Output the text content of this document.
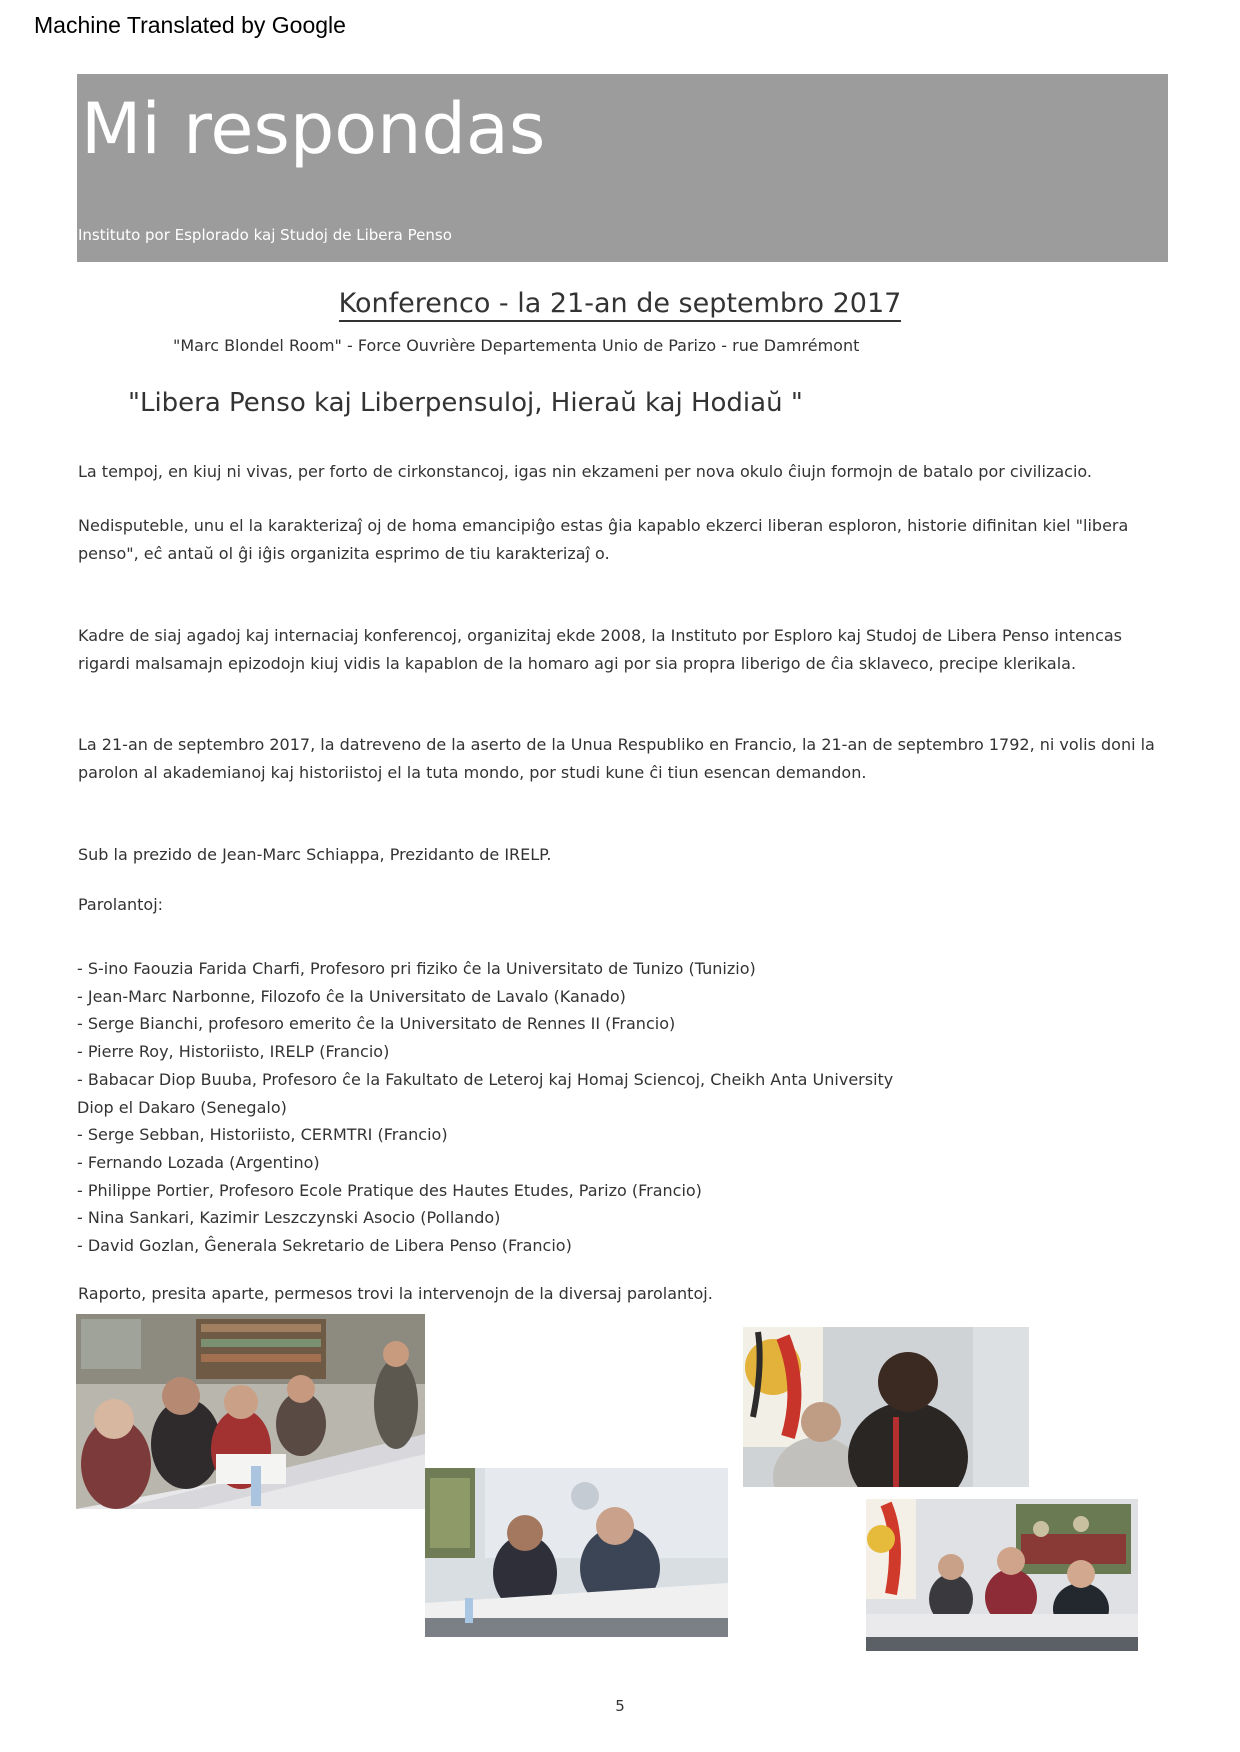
Machine Translated by Google
Mi respondas
Instituto por Esplorado kaj Studoj de Libera Penso
Konferenco - la 21-an de septembro 2017
"Marc Blondel Room" - Force Ouvrière Departementa Unio de Parizo - rue Damrémont
"Libera Penso kaj Liberpensuloj, Hieraŭ kaj Hodiaŭ "
La tempoj, en kiuj ni vivas, per forto de cirkonstancoj, igas nin ekzameni per nova okulo ĉiujn formojn de batalo por civilizacio.
Nedisputeble, unu el la karakterizaĵ oj de homa emancipiĝo estas ĝia kapablo ekzerci liberan esploron, historie difinitan kiel "libera penso", eĉ antaŭ ol ĝi iĝis organizita esprimo de tiu karakterizaĵ o.
Kadre de siaj agadoj kaj internaciaj konferencoj, organizitaj ekde 2008, la Instituto por Esploro kaj Studoj de Libera Penso intencas rigardi malsamajn epizodojn kiuj vidis la kapablon de la homaro agi por sia propra liberigo de ĉia sklaveco, precipe klerikala.
La 21-an de septembro 2017, la datreveno de la aserto de la Unua Respubliko en Francio, la 21-an de septembro 1792, ni volis doni la parolon al akademianoj kaj historiistoj el la tuta mondo, por studi kune ĉi tiun esencan demandon.
Sub la prezido de Jean-Marc Schiappa, Prezidanto de IRELP.
Parolantoj:
- S-ino Faouzia Farida Charfi, Profesoro pri fiziko ĉe la Universitato de Tunizo (Tunizio)
- Jean-Marc Narbonne, Filozofo ĉe la Universitato de Lavalo (Kanado)
- Serge Bianchi, profesoro emerito ĉe la Universitato de Rennes II (Francio)
- Pierre Roy, Historiisto, IRELP (Francio)
- Babacar Diop Buuba, Profesoro ĉe la Fakultato de Leteroj kaj Homaj Sciencoj, Cheikh Anta University
Diop el Dakaro (Senegalo)
- Serge Sebban, Historiisto, CERMTRI (Francio)
- Fernando Lozada (Argentino)
- Philippe Portier, Profesoro Ecole Pratique des Hautes Etudes, Parizo (Francio)
- Nina Sankari, Kazimir Leszczynski Asocio (Pollando)
- David Gozlan, Ĝenerala Sekretario de Libera Penso (Francio)
Raporto, presita aparte, permesos trovi la intervenojn de la diversaj parolantoj.
5
